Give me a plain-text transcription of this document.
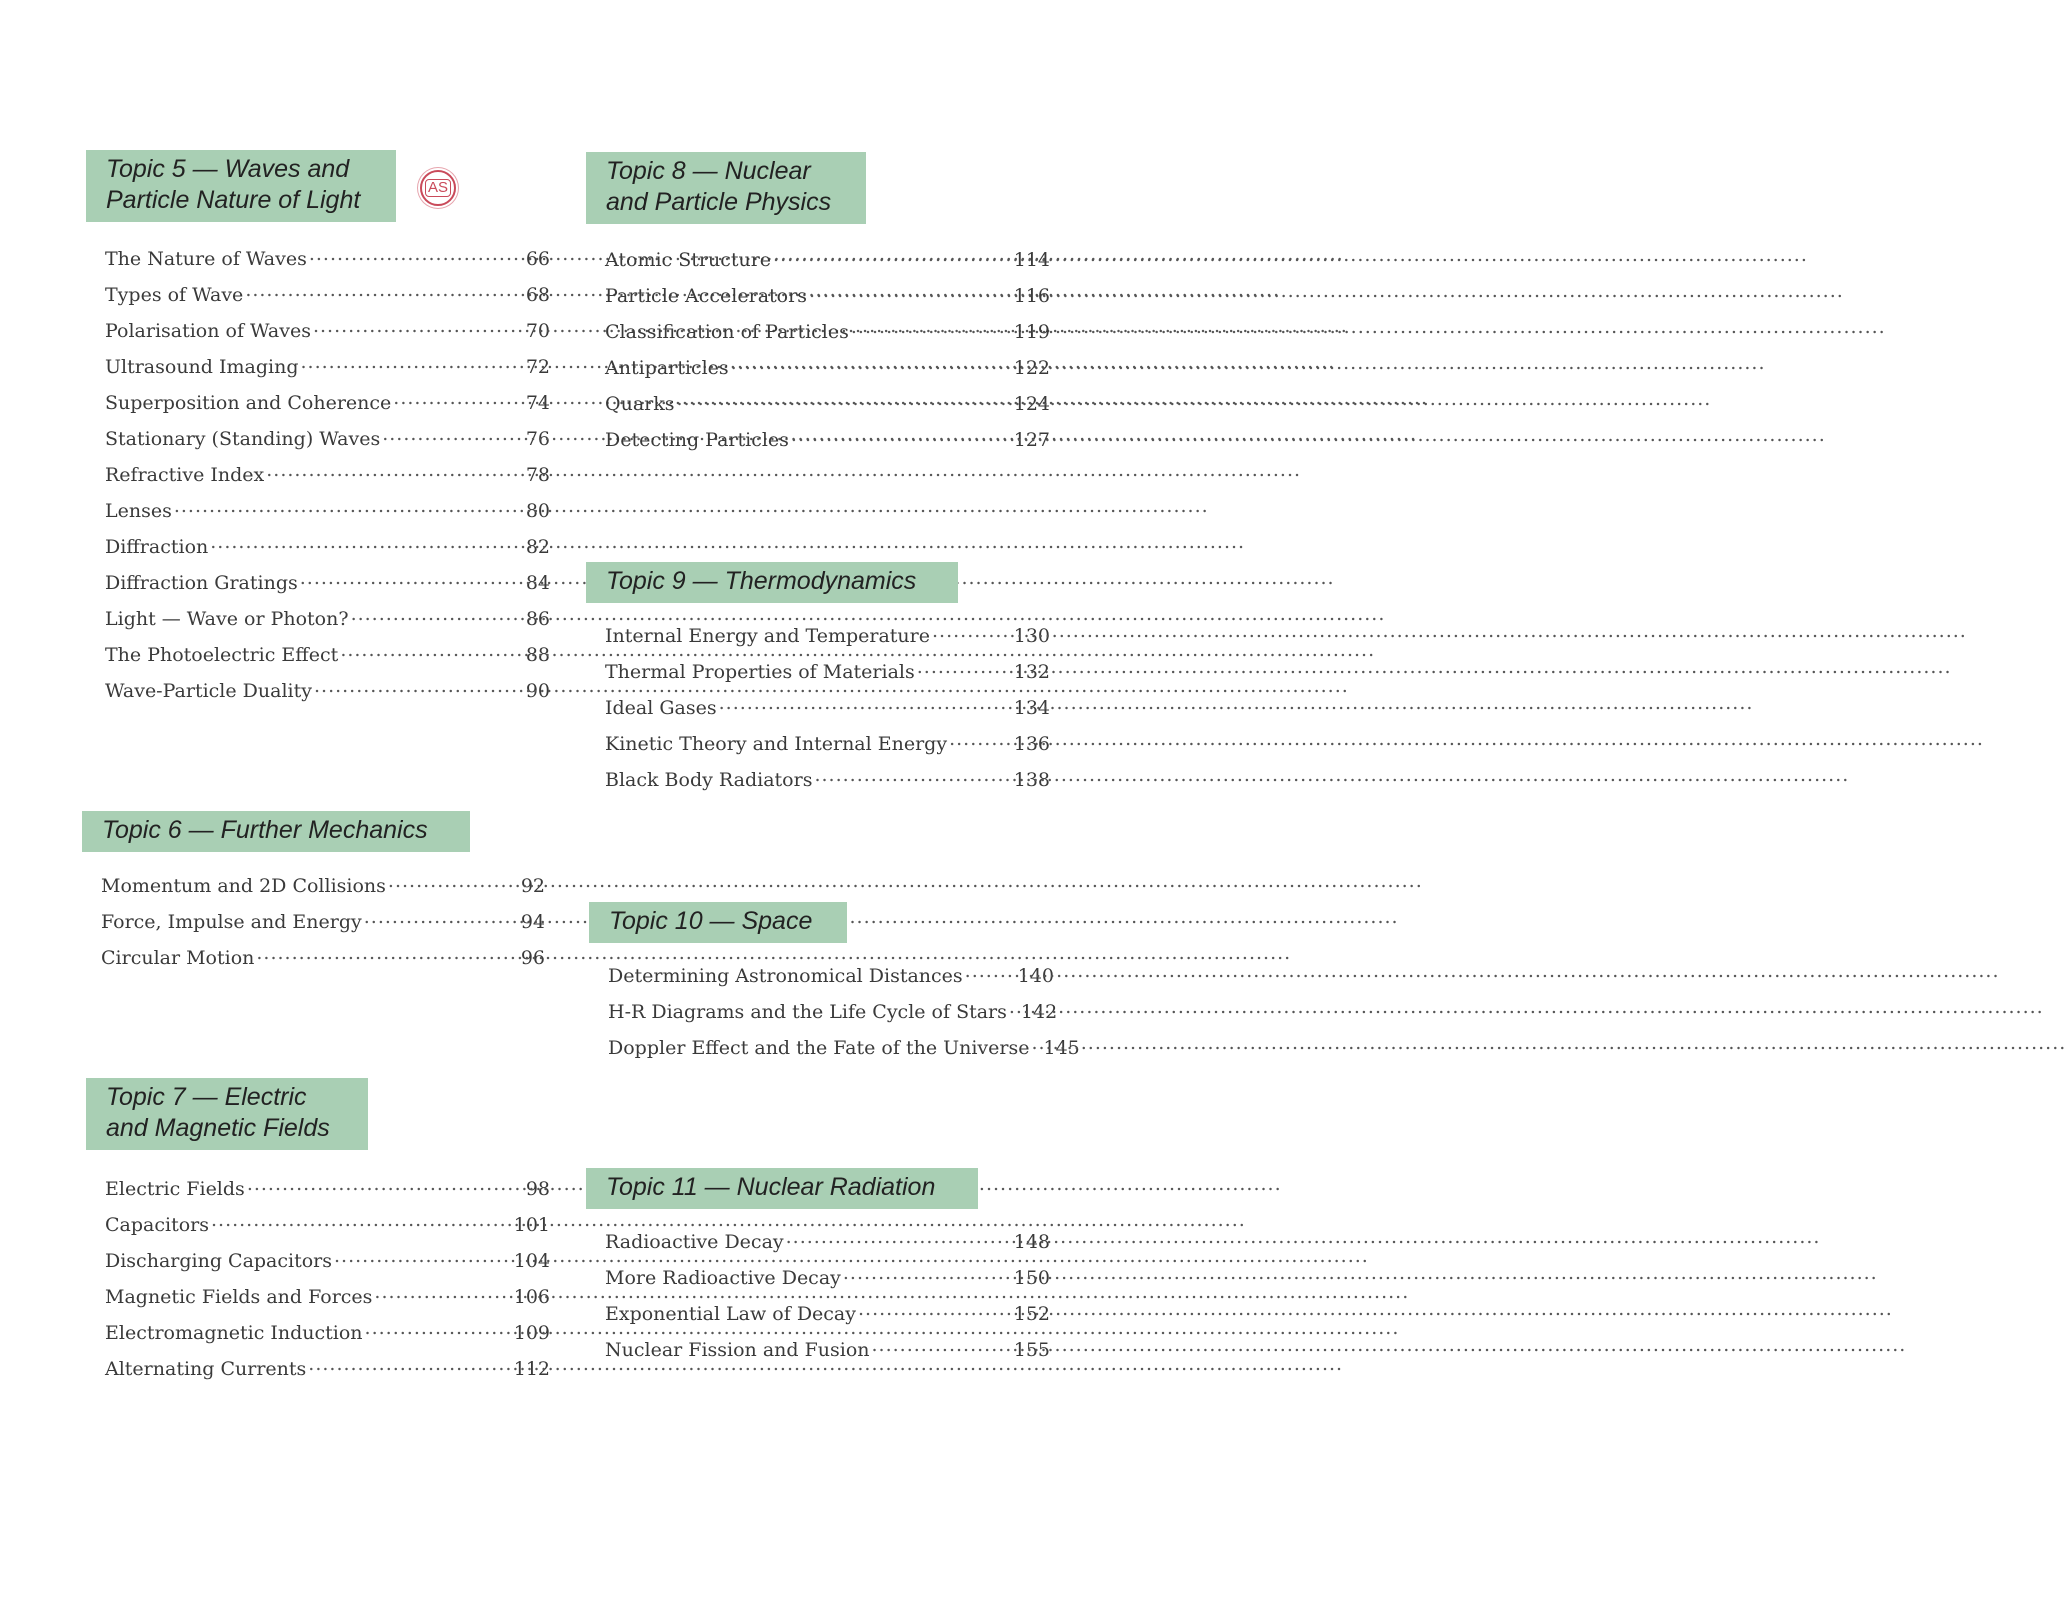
Topic 5 — Waves and
Particle Nature of Light	AS
The Nature of Waves .....	66
Types of Wave .....	68
Polarisation of Waves .....	70
Ultrasound Imaging .....	72
Superposition and Coherence .....	74
Stationary (Standing) Waves .....	76
Refractive Index .....	78
Lenses .....	80
Diffraction .....	82
Diffraction Gratings .....	84
Light — Wave or Photon? .....	86
The Photoelectric Effect .....	88
Wave-Particle Duality .....	90
Topic 6 — Further Mechanics
Momentum and 2D Collisions .....	92
Force, Impulse and Energy .....	94
Circular Motion .....	96
Topic 7 — Electric
and Magnetic Fields
Electric Fields .....	98
Capacitors .....	101
Discharging Capacitors .....	104
Magnetic Fields and Forces .....	106
Electromagnetic Induction .....	109
Alternating Currents .....	112
Topic 8 — Nuclear
and Particle Physics
Atomic Structure .....	114
Particle Accelerators .....	116
Classification of Particles .....	119
Antiparticles .....	122
Quarks .....	124
Detecting Particles .....	127
Topic 9 — Thermodynamics
Internal Energy and Temperature .....	130
Thermal Properties of Materials .....	132
Ideal Gases .....	134
Kinetic Theory and Internal Energy .....	136
Black Body Radiators .....	138
Topic 10 — Space
Determining Astronomical Distances .....	140
H-R Diagrams and the Life Cycle of Stars ..... 142
Doppler Effect and the Fate of the Universe ..... 145
Topic 11 — Nuclear Radiation
Radioactive Decay .....	148
More Radioactive Decay .....	150
Exponential Law of Decay .....	152
Nuclear Fission and Fusion .....	155
